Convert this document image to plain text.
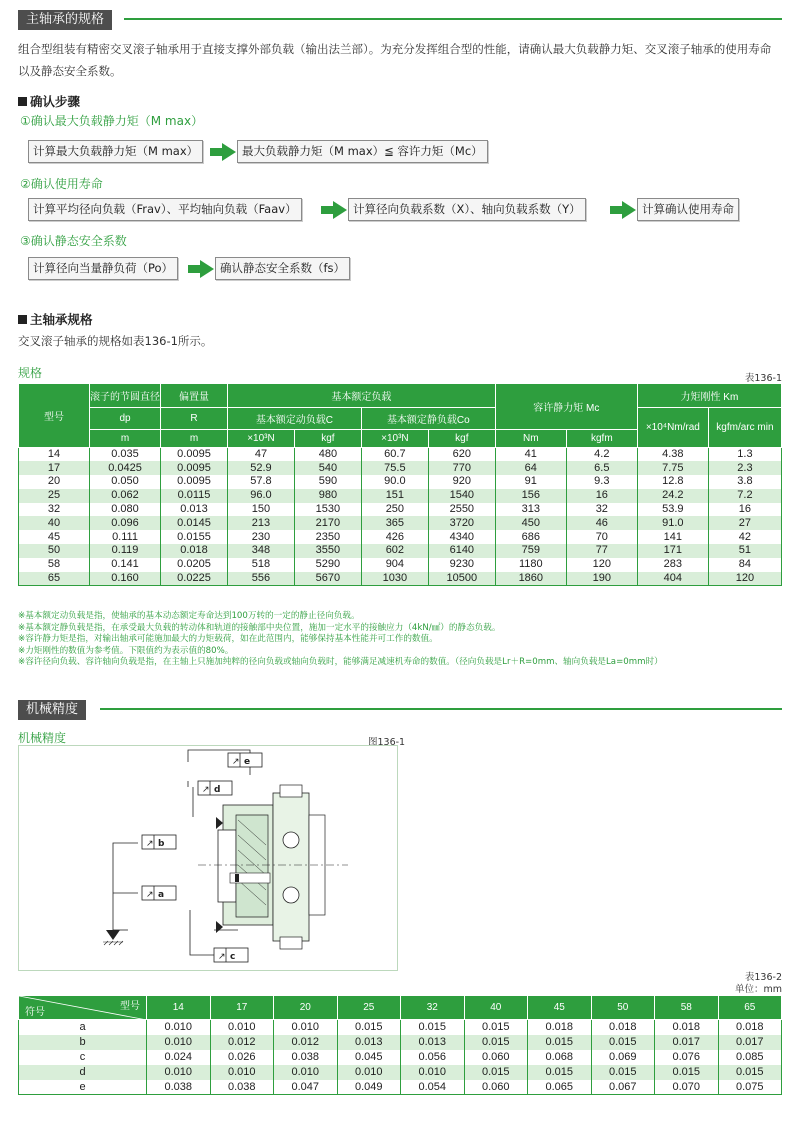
主轴承的规格
组合型组装有精密交叉滚子轴承用于直接支撑外部负载（输出法兰部）。为充分发挥组合型的性能，请确认最大负载静力矩、交叉滚子轴承的使用寿命以及静态安全系数。
确认步骤
①确认最大负载静力矩（M max）
计算最大负载静力矩（M max）	最大负载静力矩（M max）≦ 容许力矩（Mc）
②确认使用寿命
计算平均径向负载（Frav）、平均轴向负载（Faav）	计算径向负载系数（X）、轴向负载系数（Y）	计算确认使用寿命
③确认静态安全系数
计算径向当量静负荷（Po）	确认静态安全系数（fs）
主轴承规格
交叉滚子轴承的规格如表136-1所示。
规格	表136-1
型号	滚子的节圆直径	偏置量	基本额定负载				容许静力矩 Mc		力矩刚性 Km	
	dp	R	基本额定动负载C		基本额定静负载Co				×10⁴Nm/rad	kgfm/arc min
	m	m	×10³N	kgf	×10³N	kgf	Nm	kgfm		
14	0.035	0.0095	47	480	60.7	620	41	4.2	4.38	1.3
17	0.0425	0.0095	52.9	540	75.5	770	64	6.5	7.75	2.3
20	0.050	0.0095	57.8	590	90.0	920	91	9.3	12.8	3.8
25	0.062	0.0115	96.0	980	151	1540	156	16	24.2	7.2
32	0.080	0.013	150	1530	250	2550	313	32	53.9	16
40	0.096	0.0145	213	2170	365	3720	450	46	91.0	27
45	0.111	0.0155	230	2350	426	4340	686	70	141	42
50	0.119	0.018	348	3550	602	6140	759	77	171	51
58	0.141	0.0205	518	5290	904	9230	1180	120	283	84
65	0.160	0.0225	556	5670	1030	10500	1860	190	404	120
※基本额定动负载是指，使轴承的基本动态额定寿命达到100万转的一定的静止径向负载。
※基本额定静负载是指，在承受最大负载的转动体和轨道的接触部中央位置，施加一定水平的接触应力（4kN/㎟）的静态负载。
※容许静力矩是指，对输出轴承可能施加最大的力矩载荷，如在此范围内，能够保持基本性能并可工作的数值。
※力矩刚性的数值为参考值。下限值约为表示值的80%。
※容许径向负载、容许轴向负载是指，在主轴上只施加纯粹的径向负载或轴向负载时，能够满足减速机寿命的数值。（径向负载是Lr＋R=0mm、轴向负载是La=0mm时）
机械精度
机械精度	图136-1
↗ e
↗ d
↗ b
↗ a
↗ c
表136-2
单位：mm
型号
符号	14	17	20	25	32	40	45	50	58	65
a	0.010	0.010	0.010	0.015	0.015	0.015	0.018	0.018	0.018	0.018
b	0.010	0.012	0.012	0.013	0.013	0.015	0.015	0.015	0.017	0.017
c	0.024	0.026	0.038	0.045	0.056	0.060	0.068	0.069	0.076	0.085
d	0.010	0.010	0.010	0.010	0.010	0.015	0.015	0.015	0.015	0.015
e	0.038	0.038	0.047	0.049	0.054	0.060	0.065	0.067	0.070	0.075
